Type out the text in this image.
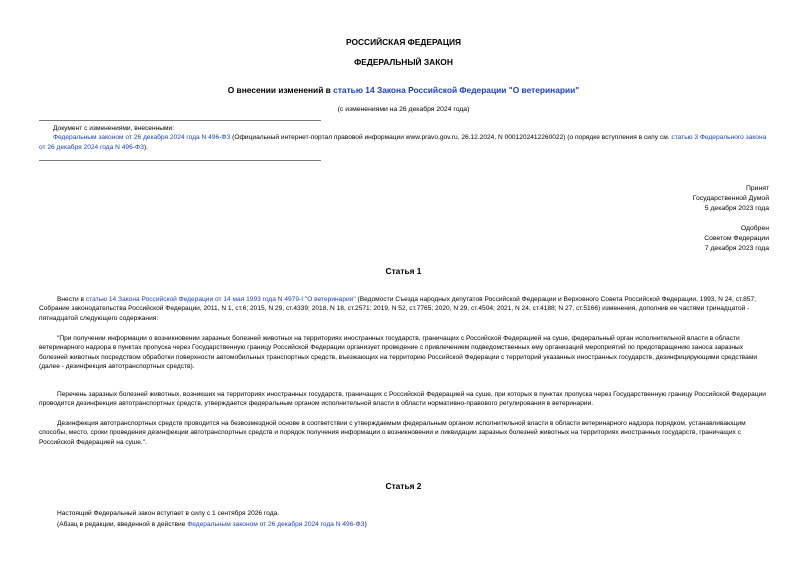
РОССИЙСКАЯ ФЕДЕРАЦИЯ
ФЕДЕРАЛЬНЫЙ ЗАКОН
О внесении изменений в статью 14 Закона Российской Федерации "О ветеринарии"
(с изменениями на 26 декабря 2024 года)
Документ с изменениями, внесенными:
Федеральным законом от 26 декабря 2024 года N 496-ФЗ (Официальный интернет-портал правовой информации www.pravo.gov.ru, 26.12.2024, N 0001202412260022) (о порядке вступления в силу см. статью 3 Федерального закона от 26 декабря 2024 года N 496-ФЗ).
Принят
Государственной Думой
5 декабря 2023 года
Одобрен
Советом Федерации
7 декабря 2023 года
Статья 1
Внести в статью 14 Закона Российской Федерации от 14 мая 1993 года N 4979-I "О ветеринарии" (Ведомости Съезда народных депутатов Российской Федерации и Верховного Совета Российской Федерации, 1993, N 24, ст.857; Собрание законодательства Российской Федерации, 2011, N 1, ст.6; 2015, N 29, ст.4339; 2018, N 18, ст.2571; 2019, N 52, ст.7765; 2020, N 29, ст.4504; 2021, N 24, ст.4188; N 27, ст.5166) изменения, дополнив ее частями тринадцатой - пятнадцатой следующего содержания:
"При получении информации о возникновении заразных болезней животных на территориях иностранных государств, граничащих с Российской Федерацией на суше, федеральный орган исполнительной власти в области ветеринарного надзора в пунктах пропуска через Государственную границу Российской Федерации организует проведение с привлечением подведомственных ему организаций мероприятий по предотвращению заноса заразных болезней животных посредством обработки поверхности автомобильных транспортных средств, въезжающих на территорию Российской Федерации с территорий указанных иностранных государств, дезинфицирующими средствами (далее - дезинфекция автотранспортных средств).
Перечень заразных болезней животных, возникших на территориях иностранных государств, граничащих с Российской Федерацией на суше, при которых в пунктах пропуска через Государственную границу Российской Федерации проводится дезинфекция автотранспортных средств, утверждается федеральным органом исполнительной власти в области нормативно-правового регулирования в ветеринарии.
Дезинфекция автотранспортных средств проводится на безвозмездной основе в соответствии с утверждаемым федеральным органом исполнительной власти в области ветеринарного надзора порядком, устанавливающим способы, место, сроки проведения дезинфекции автотранспортных средств и порядок получения информации о возникновении и ликвидации заразных болезней животных на территориях иностранных государств, граничащих с Российской Федерацией на суше.".
Статья 2
Настоящий Федеральный закон вступает в силу с 1 сентября 2026 года.
(Абзац в редакции, введенной в действие Федеральным законом от 26 декабря 2024 года N 496-ФЗ)
